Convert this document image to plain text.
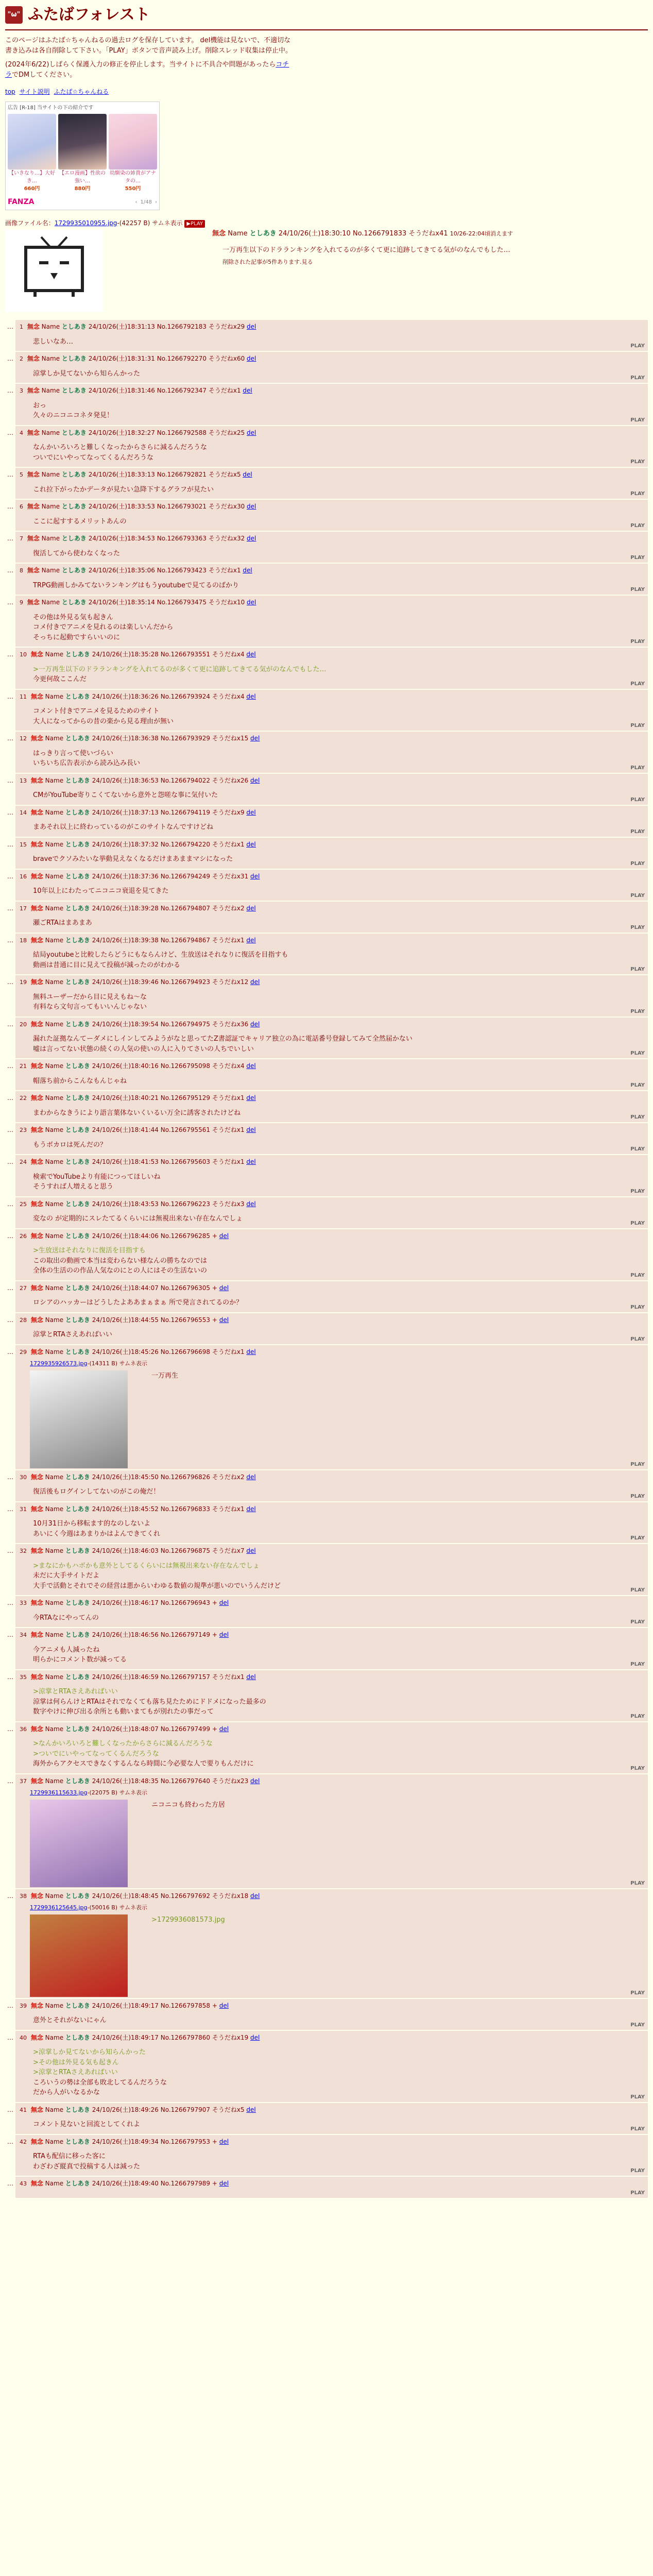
"ω" ふたばフォレスト

このページはふたば☆ちゃんねるの過去ログを保存しています。 del機能は見ないで、不適切な書き込みは各自削除して下さい。「PLAY」ボタンで音声読み上げ。削除スレッド収集は停止中。

(2024年6/22)しばらく保護入力の修正を停止します。当サイトに不具合や問題があったらコチラでDMしてください。

top サイト説明 ふたば☆ちゃんねる
広告 [R-18] 当サイトの下の紹介です
【いきなり…】大好き…
660円
【エロ漫画】性欲の強い…
880円
幼馴染の姉貴がアナタの…
550円
FANZA	‹ 1/48 ›
画像ファイル名：1729935010955.jpg-(42257 B) サムネ表示 ▶PLAY
無念 Name としあき 24/10/26(土)18:30:10 No.1266791833 そうだねx41 10/26-22:04頃消えます

一万再生以下のドラランキングを入れてるのが多くて更に追跡してきてる気がのなんでもした…

削除された記事が5件あります.見る

…	1 無念 Name としあき 24/10/26(土)18:31:13 No.1266792183 そうだねx29 del
悲しいなあ…
PLAY
…	2 無念 Name としあき 24/10/26(土)18:31:31 No.1266792270 そうだねx60 del
涼掌しか見てないから知らんかった
PLAY
…	3 無念 Name としあき 24/10/26(土)18:31:46 No.1266792347 そうだねx1 del
おっ
久々のニコニコネタ発見！
PLAY
…	4 無念 Name としあき 24/10/26(土)18:32:27 No.1266792588 そうだねx25 del
なんかいろいろと難しくなったからさらに減るんだろうな
ついでにいやってなってくるんだろうな
PLAY
…	5 無念 Name としあき 24/10/26(土)18:33:13 No.1266792821 そうだねx5 del
これ拉下がったかデータが見たい急降下するグラフが見たい
PLAY
…	6 無念 Name としあき 24/10/26(土)18:33:53 No.1266793021 そうだねx30 del
ここに起すするメリットあんの
PLAY
…	7 無念 Name としあき 24/10/26(土)18:34:53 No.1266793363 そうだねx32 del
復活してから使わなくなった
PLAY
…	8 無念 Name としあき 24/10/26(土)18:35:06 No.1266793423 そうだねx1 del
TRPG動画しかみてないランキングはもうyoutubeで見てるのばかり
PLAY
…	9 無念 Name としあき 24/10/26(土)18:35:14 No.1266793475 そうだねx10 del
その他は外見る気も起きん
コメ付きでアニメを見れるのは楽しいんだから
そっちに起動ですらいいのに
PLAY
…	10 無念 Name としあき 24/10/26(土)18:35:28 No.1266793551 そうだねx4 del
>一万再生以下のドラランキングを入れてるのが多くて更に追跡してきてる気がのなんでもした…
今更何故ここんだ
PLAY
…	11 無念 Name としあき 24/10/26(土)18:36:26 No.1266793924 そうだねx4 del
コメント付きでアニメを見るためのサイト
大人になってからの昔の楽から見る理由が無い
PLAY
…	12 無念 Name としあき 24/10/26(土)18:36:38 No.1266793929 そうだねx15 del
はっきり言って使いづらい
いちいち広告表示から読み込み長い
PLAY
…	13 無念 Name としあき 24/10/26(土)18:36:53 No.1266794022 そうだねx26 del
CMがYouTube寄りこくてないから意外と怨嗟な事に気付いた
PLAY
…	14 無念 Name としあき 24/10/26(土)18:37:13 No.1266794119 そうだねx9 del
まあそれ以上に終わっているのがこのサイトなんですけどね
PLAY
…	15 無念 Name としあき 24/10/26(土)18:37:32 No.1266794220 そうだねx1 del
braveでクソみたいな挙動見えなくなるだけまあままマシになった
PLAY
…	16 無念 Name としあき 24/10/26(土)18:37:36 No.1266794249 そうだねx31 del
10年以上にわたってニコニコ衰退を見てきた
PLAY
…	17 無念 Name としあき 24/10/26(土)18:39:28 No.1266794807 そうだねx2 del
瀬ごRTAはまあまあ
PLAY
…	18 無念 Name としあき 24/10/26(土)18:39:38 No.1266794867 そうだねx1 del
結局youtubeと比較したらどうにもならんけど、生放送はそれなりに復活を目指すも
動画は昔通に目に見えて投稿が減ったのがわかる
PLAY
…	19 無念 Name としあき 24/10/26(土)18:39:46 No.1266794923 そうだねx12 del
無料ユーザーだから目に見えもね〜な
有料なら文句言ってもいいんじゃない
PLAY
…	20 無念 Name としあき 24/10/26(土)18:39:54 No.1266794975 そうだねx36 del
漏れた証拠なんてーダメにしインしてみようがなと思ってたZ書認証でキャリア独立の為に電話番号登録してみて全然届かない
嘘は言ってない状態の続くの人気の使いの人に入りてさいの人ちでいしい
PLAY
…	21 無念 Name としあき 24/10/26(土)18:40:16 No.1266795098 そうだねx4 del
帽落ち前からこんなもんじゃね
PLAY
…	22 無念 Name としあき 24/10/26(土)18:40:21 No.1266795129 そうだねx1 del
まわからなきうにより語言葉体ないくいるい万全に誘客されたけどね
PLAY
…	23 無念 Name としあき 24/10/26(土)18:41:44 No.1266795561 そうだねx1 del
もうボカロは死んだの？
PLAY
…	24 無念 Name としあき 24/10/26(土)18:41:53 No.1266795603 そうだねx1 del
検索でYouTubeより有能につってほしいね
そうすれば人増えると思う
PLAY
…	25 無念 Name としあき 24/10/26(土)18:43:53 No.1266796223 そうだねx3 del
変なの が定期的にスレたてるくらいには無視出来ない存在なんでしょ
PLAY
…	26 無念 Name としあき 24/10/26(土)18:44:06 No.1266796285 + del
>生放送はそれなりに復活を目指すも
この取出の動画で本当は変わらない様なんの勝ちなのでは
全体の生活のの作品人気なのにとの人にはその生活ないの
PLAY
…	27 無念 Name としあき 24/10/26(土)18:44:07 No.1266796305 + del
ロシアのハッカーはどうしたよああまぁまぁ 所で発言されてるのか？
PLAY
…	28 無念 Name としあき 24/10/26(土)18:44:55 No.1266796553 + del
涼掌とRTAさえあればいい
PLAY
…	29 無念 Name としあき 24/10/26(土)18:45:26 No.1266796698 そうだねx1 del
1729935926573.jpg-(14311 B) サムネ表示
一万再生
PLAY
…	30 無念 Name としあき 24/10/26(土)18:45:50 No.1266796826 そうだねx2 del
復活後もログインしてないのがこの俺だ！
PLAY
…	31 無念 Name としあき 24/10/26(土)18:45:52 No.1266796833 そうだねx1 del
10月31日から移転ます的なのしないよ
あいにく今週はあまりかはよんできてくれ
PLAY
…	32 無念 Name としあき 24/10/26(土)18:46:03 No.1266796875 そうだねx7 del
>まなにかもハボかも意外としてるくらいには無視出来ない存在なんでしょ
未だに大手サイトだよ
大手で活動とそれでその経営は悪からいわゆる数値の規準が悪いのでいうんだけど
PLAY
…	33 無念 Name としあき 24/10/26(土)18:46:17 No.1266796943 + del
今RTAなにやってんの
PLAY
…	34 無念 Name としあき 24/10/26(土)18:46:56 No.1266797149 + del
今アニメも人減ったね
明らかにコメント数が減ってる
PLAY
…	35 無念 Name としあき 24/10/26(土)18:46:59 No.1266797157 そうだねx1 del
>涼掌とRTAさえあればいい
涼掌は何らんけとRTAはそれでなくても落ち見たためにドドメになった最多の
数字やけに伸び出る余所とも動いまてもが別れたの事だって
PLAY
…	36 無念 Name としあき 24/10/26(土)18:48:07 No.1266797499 + del
>なんかいろいろと難しくなったからさらに減るんだろうな
>ついでにいやってなってくるんだろうな
海外からアクセスできなくするんなら時間に今必要な人で要りもんだけに
PLAY
…	37 無念 Name としあき 24/10/26(土)18:48:35 No.1266797640 そうだねx23 del
1729936115633.jpg-(22075 B) サムネ表示
ニコニコも終わった方居
PLAY
…	38 無念 Name としあき 24/10/26(土)18:48:45 No.1266797692 そうだねx18 del
1729936125645.jpg-(50016 B) サムネ表示
>1729936081573.jpg
PLAY
…	39 無念 Name としあき 24/10/26(土)18:49:17 No.1266797858 + del
意外とそれがないにゃん
PLAY
…	40 無念 Name としあき 24/10/26(土)18:49:17 No.1266797860 そうだねx19 del
>涼掌しか見てないから知らんかった
>その他は外見る気も起きん
>涼掌とRTAさえあればいい
ころいうの勢は全部も敗北してるんだろうな
だから人がいなるかな
PLAY
…	41 無念 Name としあき 24/10/26(土)18:49:26 No.1266797907 そうだねx5 del
コメント見ないと回流としてくれよ
PLAY
…	42 無念 Name としあき 24/10/26(土)18:49:34 No.1266797953 + del
RTAも配信に移った客に
わざわざ縦真で投稿する人は減った
PLAY
…	43 無念 Name としあき 24/10/26(土)18:49:40 No.1266797989 + del
PLAY
